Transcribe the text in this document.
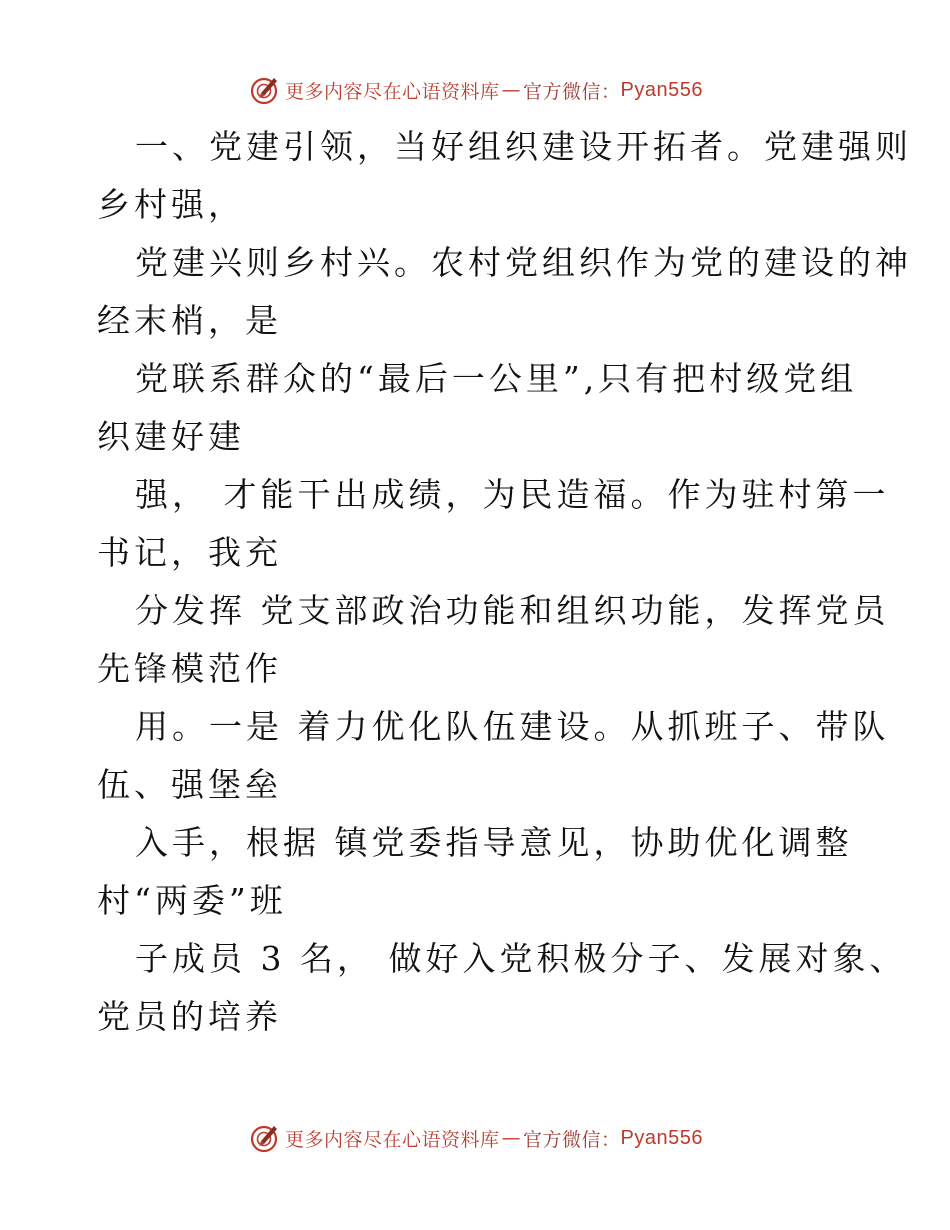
更多内容尽在心语资料库 — 官方微信： Pyan556

一、党建引领，当好组织建设开拓者。党建强则
乡村强，

党建兴则乡村兴。农村党组织作为党的建设的神
经末梢，是

党联系群众的“最后一公里”,只有把村级党组
织建好建

强， 才能干出成绩，为民造福。作为驻村第一
书记，我充

分发挥 党支部政治功能和组织功能，发挥党员
先锋模范作

用。一是 着力优化队伍建设。从抓班子、带队
伍、强堡垒

入手，根据 镇党委指导意见，协助优化调整
村“两委”班

子成员 3 名， 做好入党积极分子、发展对象、
党员的培养

更多内容尽在心语资料库 — 官方微信： Pyan556
